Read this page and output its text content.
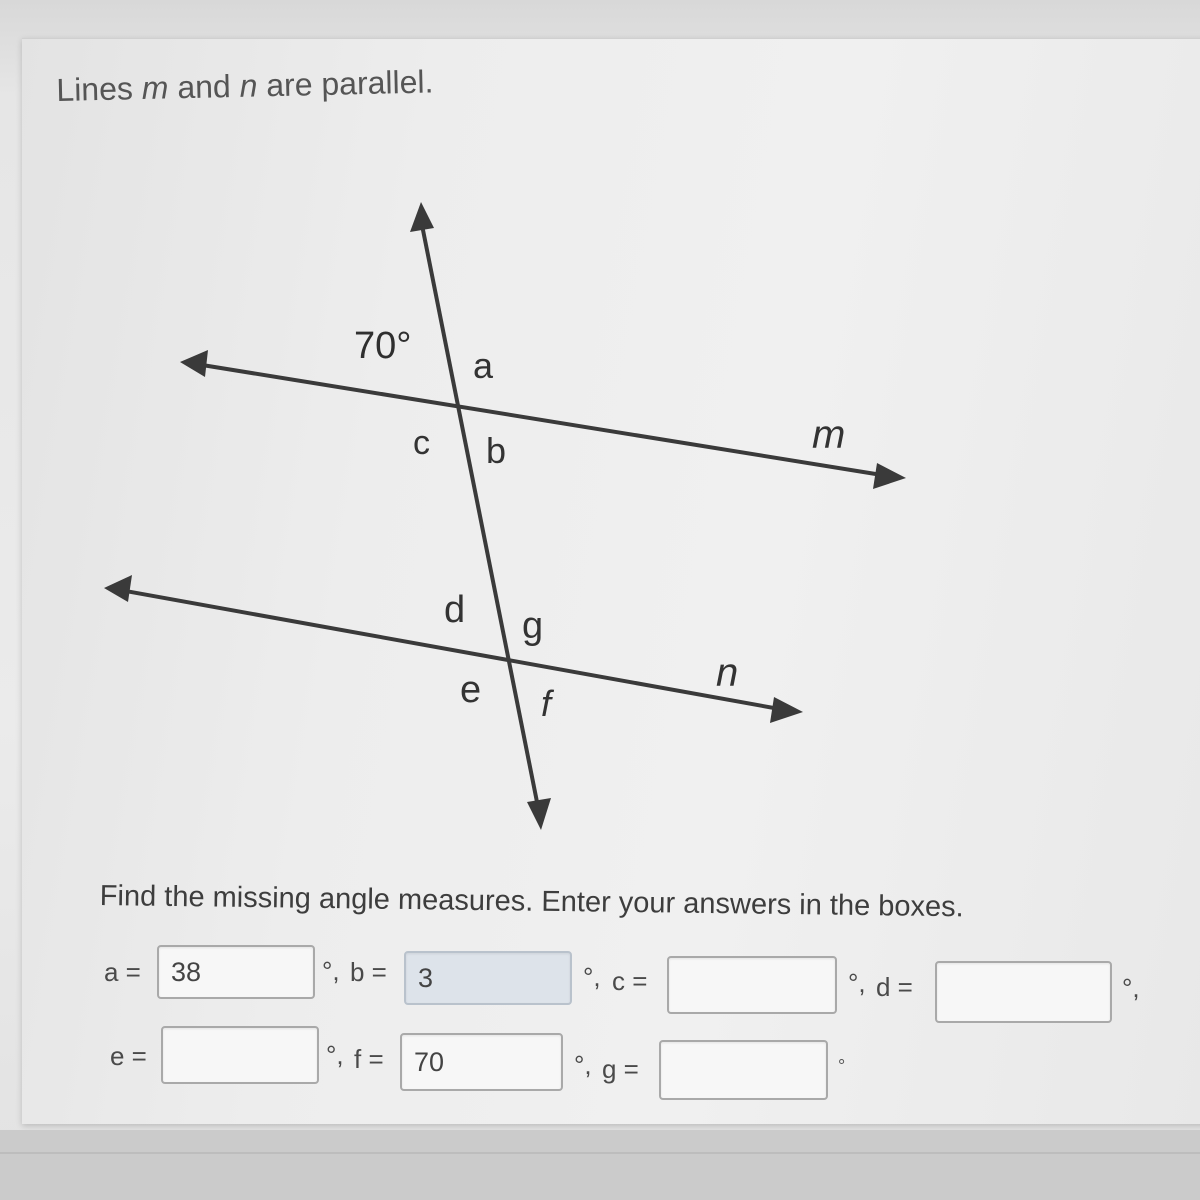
Lines m and n are parallel.
70° a
c b	m
d g
n
e f
Find the missing angle measures. Enter your answers in the boxes.
a =
38	°, b =
3	°, c =	°, d =	°,
e =	°, f =
70	°, g =	°
